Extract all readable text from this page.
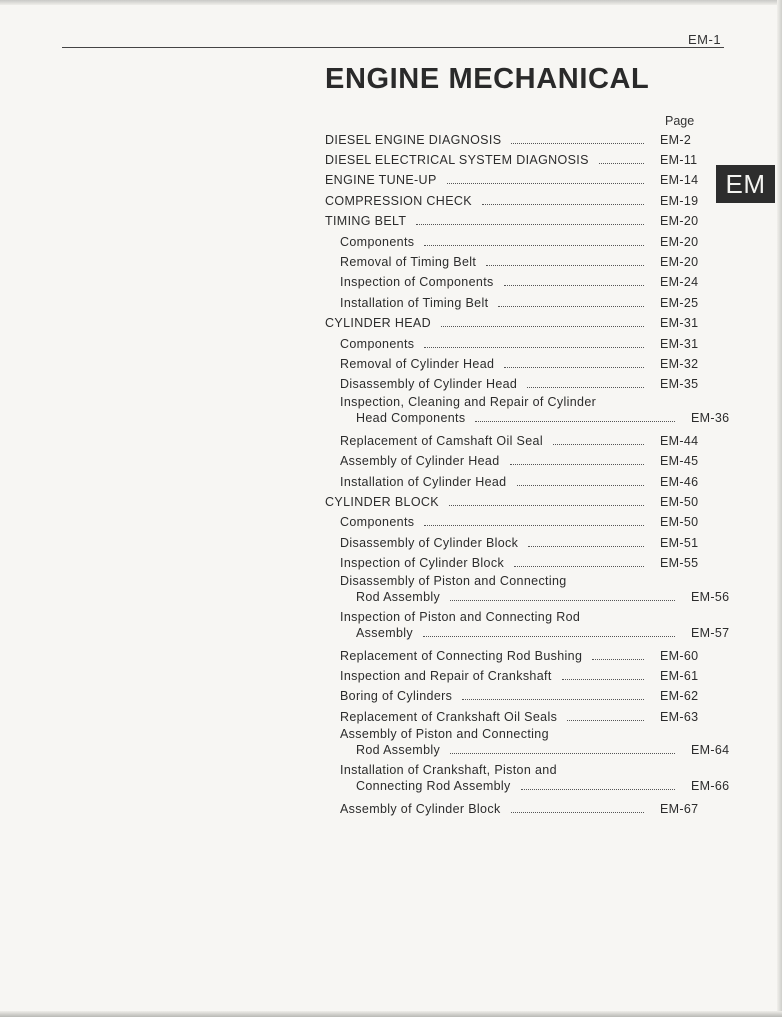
EM-1
ENGINE MECHANICAL
Page
EM
DIESEL ENGINE DIAGNOSIS	EM-2
DIESEL ELECTRICAL SYSTEM DIAGNOSIS	EM-11
ENGINE TUNE-UP	EM-14
COMPRESSION CHECK	EM-19
TIMING BELT	EM-20
Components	EM-20
Removal of Timing Belt	EM-20
Inspection of Components	EM-24
Installation of Timing Belt	EM-25
CYLINDER HEAD	EM-31
Components	EM-31
Removal of Cylinder Head	EM-32
Disassembly of Cylinder Head	EM-35
Inspection, Cleaning and Repair of Cylinder
Head Components	EM-36
Replacement of Camshaft Oil Seal	EM-44
Assembly of Cylinder Head	EM-45
Installation of Cylinder Head	EM-46
CYLINDER BLOCK	EM-50
Components	EM-50
Disassembly of Cylinder Block	EM-51
Inspection of Cylinder Block	EM-55
Disassembly of Piston and Connecting
Rod Assembly	EM-56
Inspection of Piston and Connecting Rod
Assembly	EM-57
Replacement of Connecting Rod Bushing	EM-60
Inspection and Repair of Crankshaft	EM-61
Boring of Cylinders	EM-62
Replacement of Crankshaft Oil Seals	EM-63
Assembly of Piston and Connecting
Rod Assembly	EM-64
Installation of Crankshaft, Piston and
Connecting Rod Assembly	EM-66
Assembly of Cylinder Block	EM-67
